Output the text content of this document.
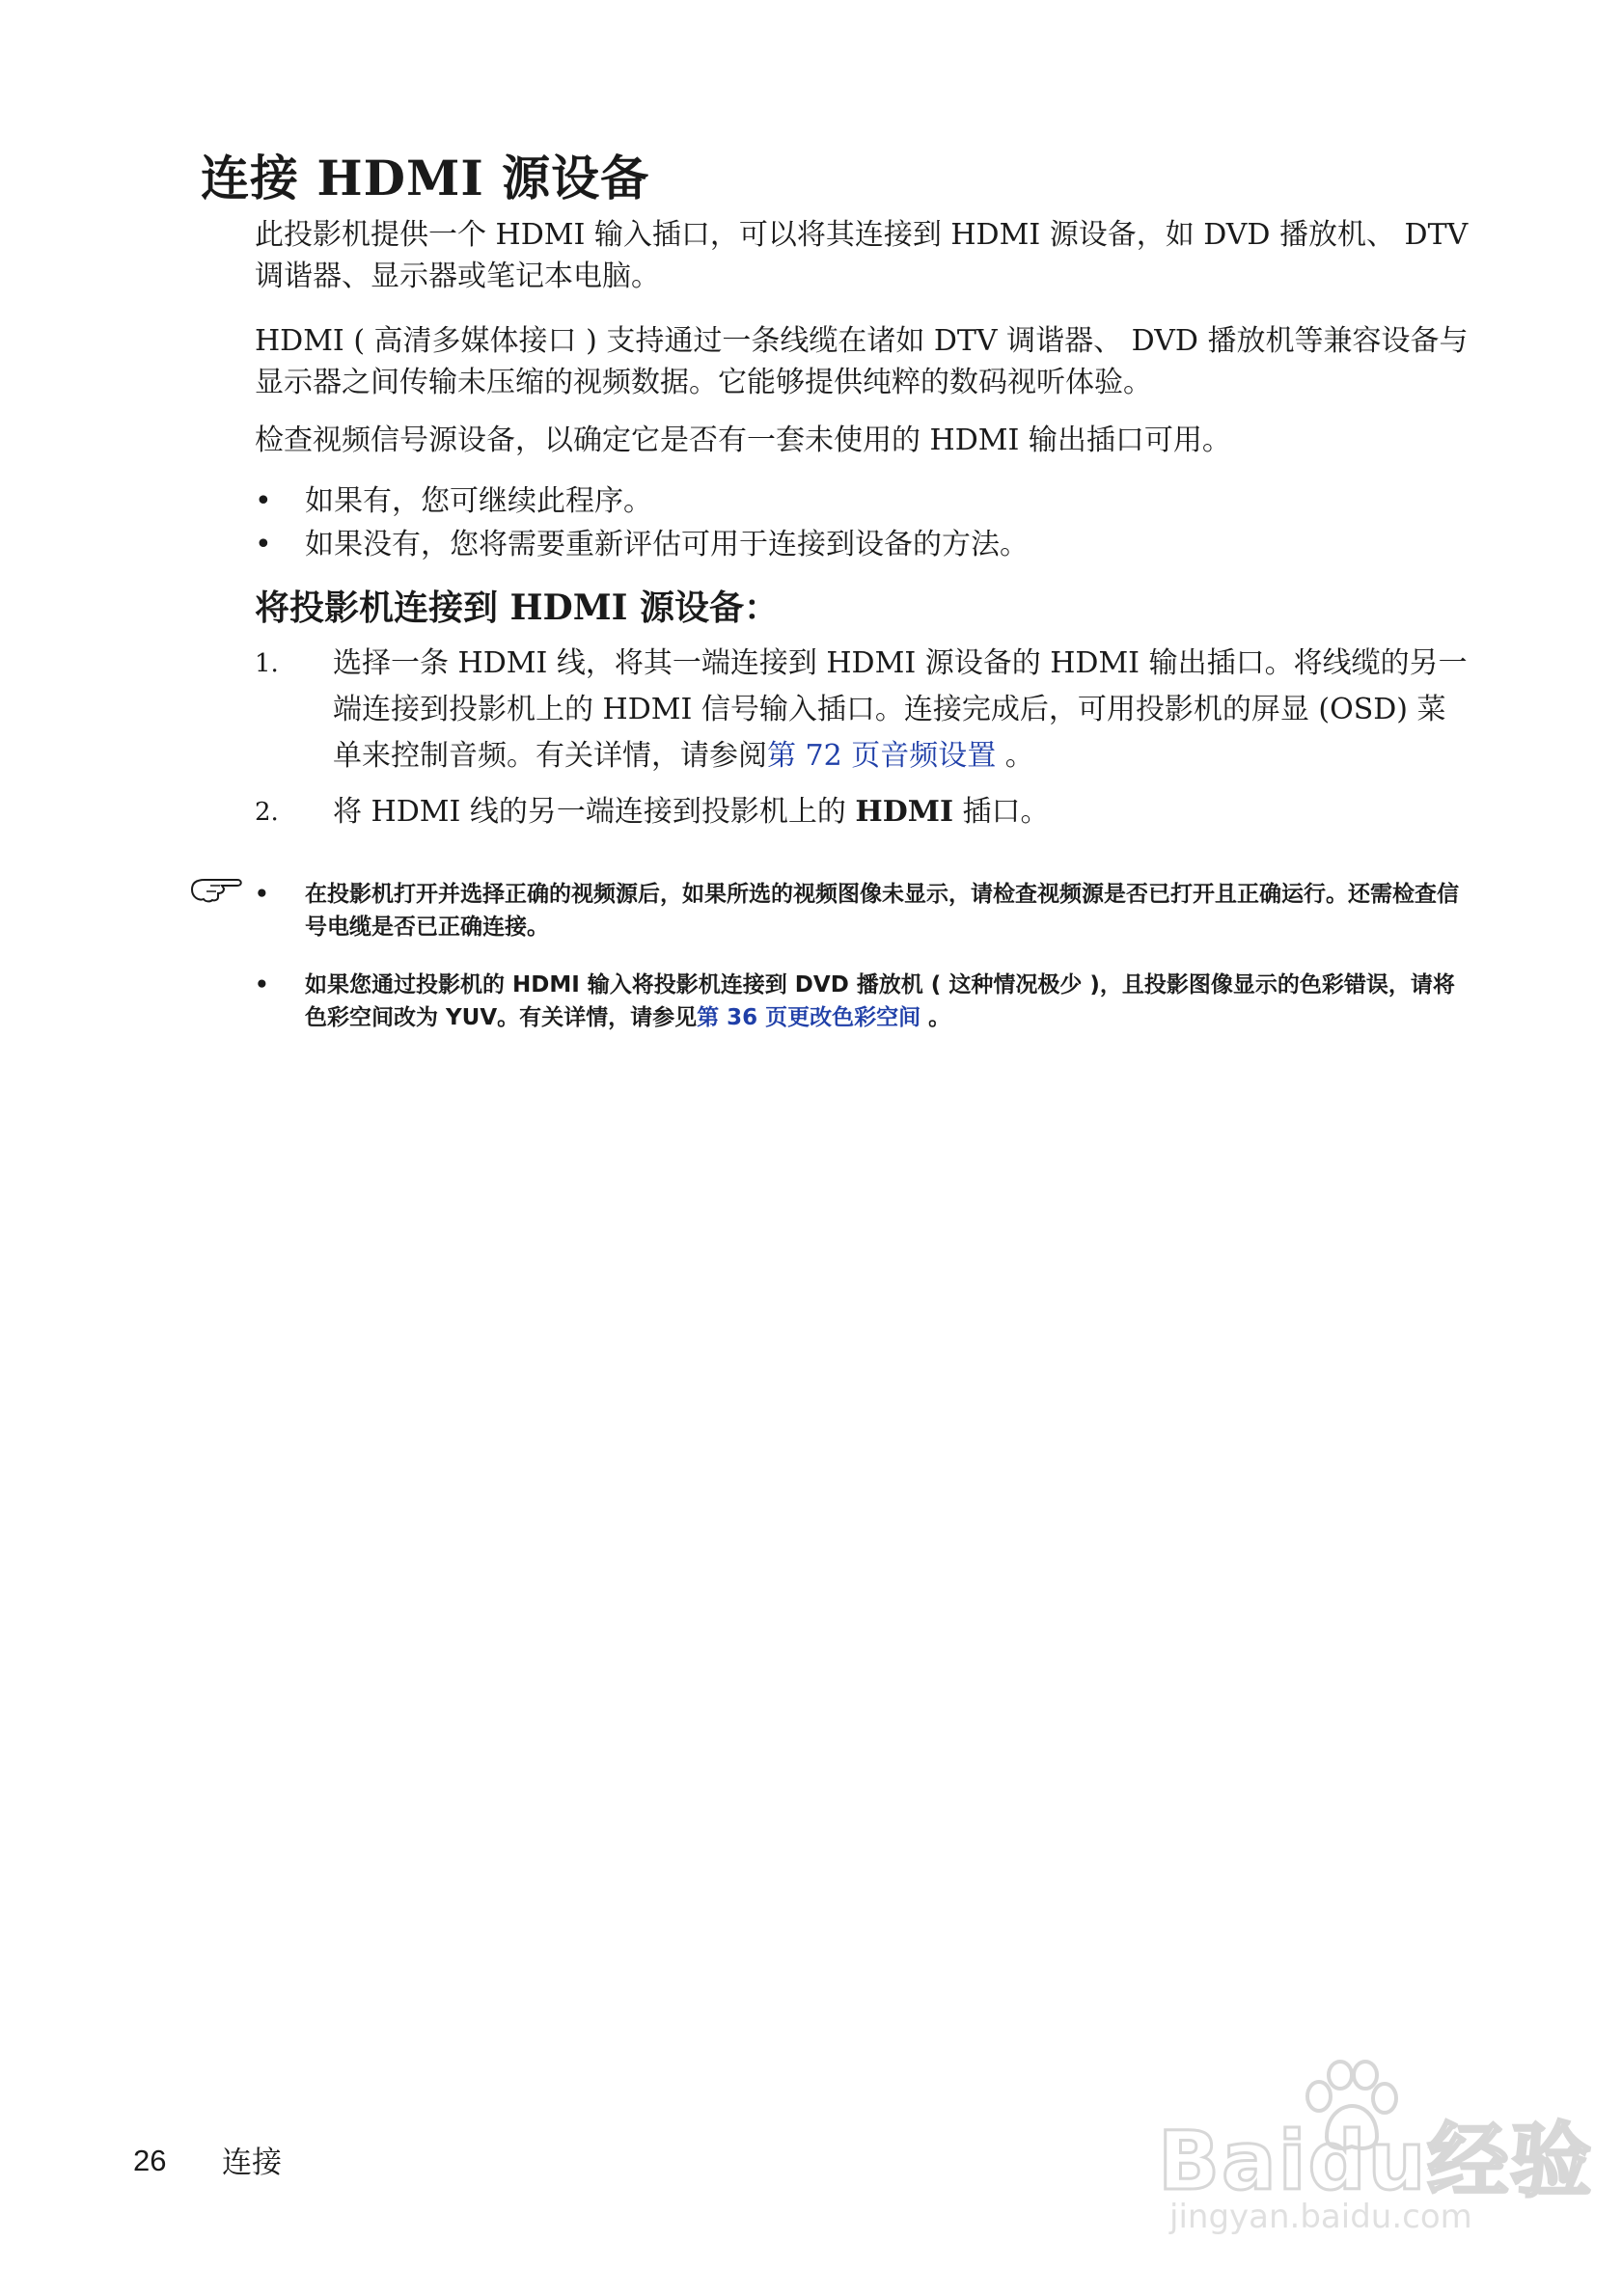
连接 HDMI 源设备

此投影机提供一个 HDMI 输入插口，可以将其连接到 HDMI 源设备，如 DVD 播放机、 DTV 调谐器、显示器或笔记本电脑。

HDMI ( 高清多媒体接口 ) 支持通过一条线缆在诸如 DTV 调谐器、 DVD 播放机等兼容设备与显示器之间传输未压缩的视频数据。它能够提供纯粹的数码视听体验。

检查视频信号源设备，以确定它是否有一套未使用的 HDMI 输出插口可用。

• 如果有，您可继续此程序。
• 如果没有，您将需要重新评估可用于连接到设备的方法。
将投影机连接到 HDMI 源设备：
1. 选择一条 HDMI 线，将其一端连接到 HDMI 源设备的 HDMI 输出插口。将线缆的另一端连接到投影机上的 HDMI 信号输入插口。连接完成后，可用投影机的屏显 (OSD) 菜单来控制音频。有关详情，请参阅第 72 页音频设置 。
2. 将 HDMI 线的另一端连接到投影机上的 HDMI 插口。
• 在投影机打开并选择正确的视频源后，如果所选的视频图像未显示，请检查视频源是否已打开且正确运行。还需检查信号电缆是否已正确连接。
• 如果您通过投影机的 HDMI 输入将投影机连接到 DVD 播放机 ( 这种情况极少 )，且投影图像显示的色彩错误，请将色彩空间改为 YUV。有关详情，请参见第 36 页更改色彩空间 。
26 连接	Baidu经验
jingyan.baidu.com
